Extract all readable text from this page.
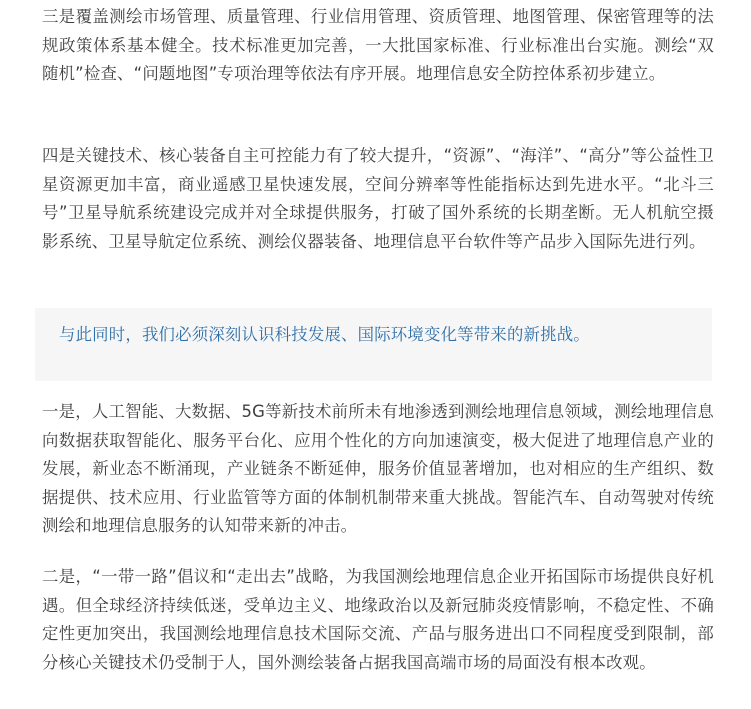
三是覆盖测绘市场管理、质量管理、行业信用管理、资质管理、地图管理、保密管理等的法规政策体系基本健全。技术标准更加完善，一大批国家标准、行业标准出台实施。测绘“双随机”检查、“问题地图”专项治理等依法有序开展。地理信息安全防控体系初步建立。

四是关键技术、核心装备自主可控能力有了较大提升，“资源”、“海洋”、“高分”等公益性卫星资源更加丰富，商业遥感卫星快速发展，空间分辨率等性能指标达到先进水平。“北斗三号”卫星导航系统建设完成并对全球提供服务，打破了国外系统的长期垄断。无人机航空摄影系统、卫星导航定位系统、测绘仪器装备、地理信息平台软件等产品步入国际先进行列。

与此同时，我们必须深刻认识科技发展、国际环境变化等带来的新挑战。

一是，人工智能、大数据、5G等新技术前所未有地渗透到测绘地理信息领域，测绘地理信息向数据获取智能化、服务平台化、应用个性化的方向加速演变，极大促进了地理信息产业的发展，新业态不断涌现，产业链条不断延伸，服务价值显著增加，也对相应的生产组织、数据提供、技术应用、行业监管等方面的体制机制带来重大挑战。智能汽车、自动驾驶对传统测绘和地理信息服务的认知带来新的冲击。

二是，“一带一路”倡议和“走出去”战略，为我国测绘地理信息企业开拓国际市场提供良好机遇。但全球经济持续低迷，受单边主义、地缘政治以及新冠肺炎疫情影响，不稳定性、不确定性更加突出，我国测绘地理信息技术国际交流、产品与服务进出口不同程度受到限制，部分核心关键技术仍受制于人，国外测绘装备占据我国高端市场的局面没有根本改观。
